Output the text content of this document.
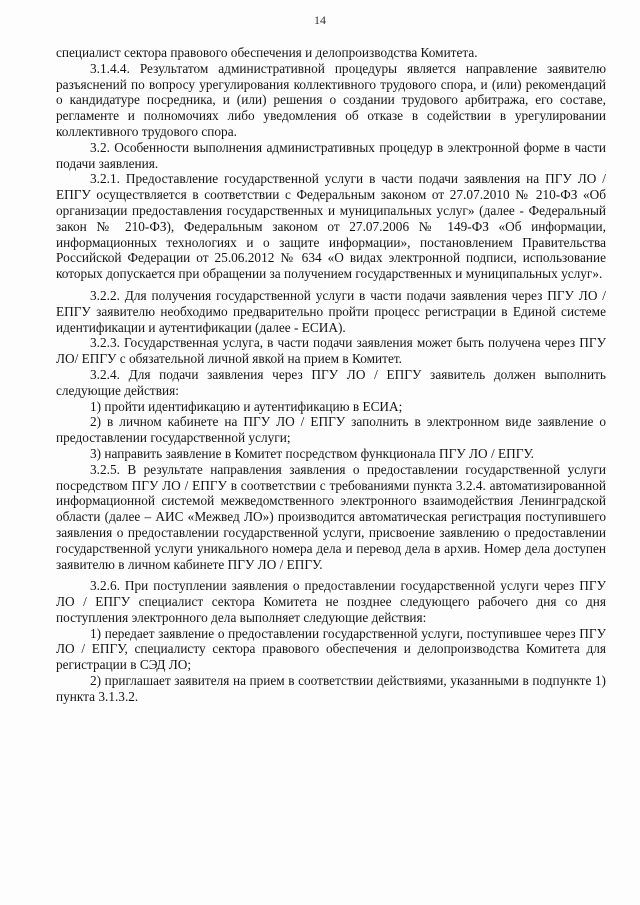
14

специалист сектора правового обеспечения и делопроизводства Комитета.

3.1.4.4. Результатом административной процедуры является направление заявителю разъяснений по вопросу урегулирования коллективного трудового спора, и (или) рекомендаций о кандидатуре посредника, и (или) решения о создании трудового арбитража, его составе, регламенте и полномочиях либо уведомления об отказе в содействии в урегулировании коллективного трудового спора.

3.2. Особенности выполнения административных процедур в электронной форме в части подачи заявления.

3.2.1. Предоставление государственной услуги в части подачи заявления на ПГУ ЛО / ЕПГУ осуществляется в соответствии с Федеральным законом от 27.07.2010 № 210-ФЗ «Об организации предоставления государственных и муниципальных услуг» (далее - Федеральный закон № 210-ФЗ), Федеральным законом от 27.07.2006 № 149-ФЗ «Об информации, информационных технологиях и о защите информации», постановлением Правительства Российской Федерации от 25.06.2012 № 634 «О видах электронной подписи, использование которых допускается при обращении за получением государственных и муниципальных услуг».

3.2.2. Для получения государственной услуги в части подачи заявления через ПГУ ЛО / ЕПГУ заявителю необходимо предварительно пройти процесс регистрации в Единой системе идентификации и аутентификации (далее - ЕСИА).

3.2.3. Государственная услуга, в части подачи заявления может быть получена через ПГУ ЛО/ ЕПГУ с обязательной личной явкой на прием в Комитет.

3.2.4. Для подачи заявления через ПГУ ЛО / ЕПГУ заявитель должен выполнить следующие действия:

1) пройти идентификацию и аутентификацию в ЕСИА;

2) в личном кабинете на ПГУ ЛО / ЕПГУ заполнить в электронном виде заявление о предоставлении государственной услуги;

3) направить заявление в Комитет посредством функционала ПГУ ЛО / ЕПГУ.

3.2.5. В результате направления заявления о предоставлении государственной услуги посредством ПГУ ЛО / ЕПГУ в соответствии с требованиями пункта 3.2.4. автоматизированной информационной системой межведомственного электронного взаимодействия Ленинградской области (далее – АИС «Межвед ЛО») производится автоматическая регистрация поступившего заявления о предоставлении государственной услуги, присвоение заявлению о предоставлении государственной услуги уникального номера дела и перевод дела в архив. Номер дела доступен заявителю в личном кабинете ПГУ ЛО / ЕПГУ.

3.2.6. При поступлении заявления о предоставлении государственной услуги через ПГУ ЛО / ЕПГУ специалист сектора Комитета не позднее следующего рабочего дня со дня поступления электронного дела выполняет следующие действия:

1) передает заявление о предоставлении государственной услуги, поступившее через ПГУ ЛО / ЕПГУ, специалисту сектора правового обеспечения и делопроизводства Комитета для регистрации в СЭД ЛО;

2) приглашает заявителя на прием в соответствии действиями, указанными в подпункте 1) пункта 3.1.3.2.
